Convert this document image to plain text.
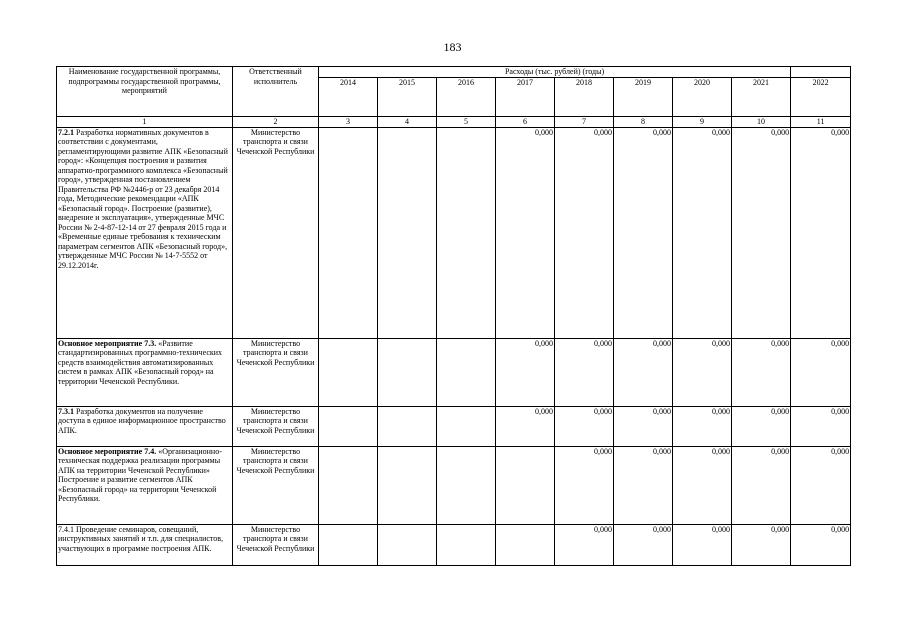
183
Наименование государственной программы, подпрограммы государственной программы, мероприятий	Ответственный исполнитель	Расходы (тыс. рублей) (годы)								
		2014	2015	2016	2017	2018	2019	2020	2021	2022
1	2	3	4	5	6	7	8	9	10	11
7.2.1 Разработка нормативных документов в соответствии с документами, регламентирующими развитие АПК «Безопасный город»: «Концепция построения и развития аппаратно-программного комплекса «Безопасный город», утвержденная постановлением Правительства РФ №2446-р от 23 декабря 2014 года, Методические рекомендации «АПК «Безопасный город». Построение (развитие), внедрение и эксплуатация», утвержденные МЧС России № 2-4-87-12-14 от 27 февраля 2015 года и «Временные единые требования к техническим параметрам сегментов АПК «Безопасный город», утвержденные МЧС России № 14-7-5552 от 29.12.2014г.	Министерство транспорта и связи Чеченской Республики				0,000	0,000	0,000	0,000	0,000	0,000
Основное мероприятие 7.3. «Развитие стандартизированных программно-технических средств взаимодействия автоматизированных систем в рамках АПК «Безопасный город» на территории Чеченской Республики.	Министерство транспорта и связи Чеченской Республики				0,000	0,000	0,000	0,000	0,000	0,000
7.3.1 Разработка документов на получение доступа в единое информационное пространство АПК.	Министерство транспорта и связи Чеченской Республики				0,000	0,000	0,000	0,000	0,000	0,000
Основное мероприятие 7.4. «Организационно-техническая поддержка реализации программы АПК на территории Чеченской Республики» Построение и развитие сегментов АПК «Безопасный город» на территории Чеченской Республики.	Министерство транспорта и связи Чеченской Республики					0,000	0,000	0,000	0,000	0,000
7.4.1 Проведение семинаров, совещаний, инструктивных занятий и т.п. для специалистов, участвующих в программе построения АПК.	Министерство транспорта и связи Чеченской Республики					0,000	0,000	0,000	0,000	0,000
